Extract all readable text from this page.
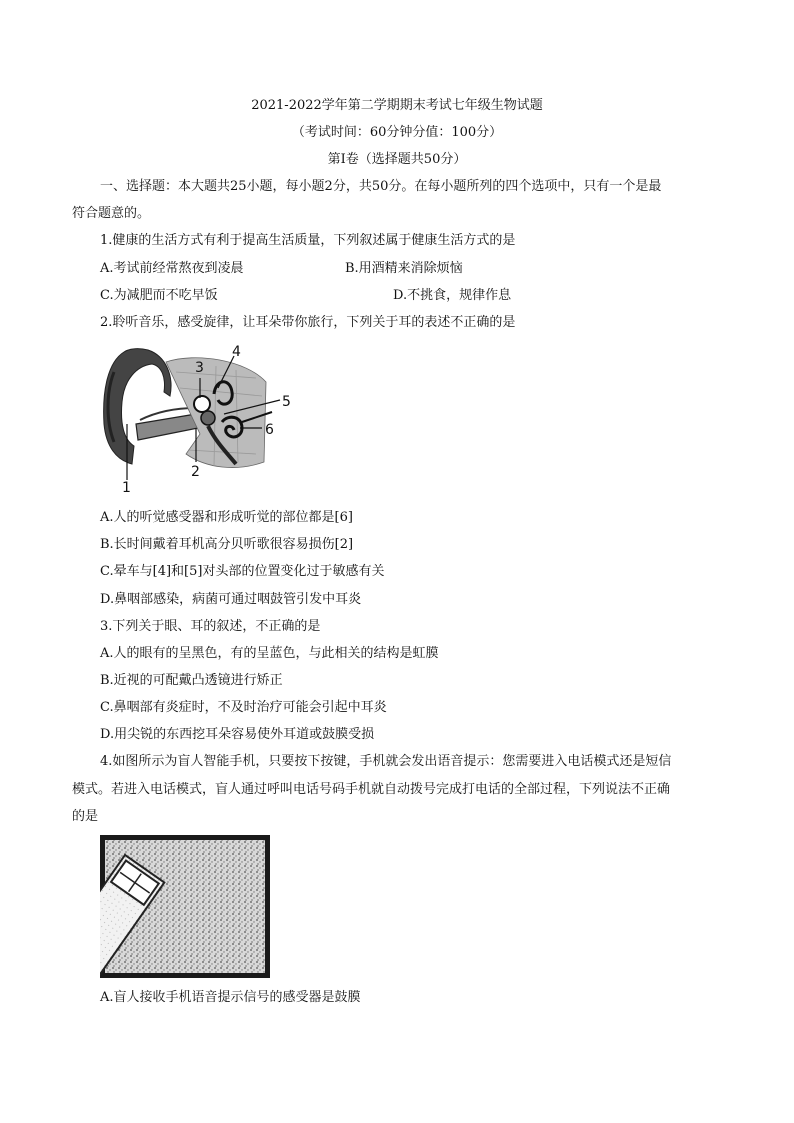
2021-2022学年第二学期期末考试七年级生物试题
（考试时间：60分钟分值：100分）
第Ⅰ卷（选择题共50分）
一、选择题：本大题共25小题，每小题2分，共50分。在每小题所列的四个选项中，只有一个是最
符合题意的。
1.健康的生活方式有利于提高生活质量，下列叙述属于健康生活方式的是
A.考试前经常熬夜到凌晨	B.用酒精来消除烦恼
C.为减肥而不吃早饭	D.不挑食，规律作息
2.聆听音乐，感受旋律，让耳朵带你旅行，下列关于耳的表述不正确的是
1
2
3
4
5
6
A.人的听觉感受器和形成听觉的部位都是[6]
B.长时间戴着耳机高分贝听歌很容易损伤[2]
C.晕车与[4]和[5]对头部的位置变化过于敏感有关
D.鼻咽部感染，病菌可通过咽鼓管引发中耳炎
3.下列关于眼、耳的叙述，不正确的是
A.人的眼有的呈黑色，有的呈蓝色，与此相关的结构是虹膜
B.近视的可配戴凸透镜进行矫正
C.鼻咽部有炎症时，不及时治疗可能会引起中耳炎
D.用尖锐的东西挖耳朵容易使外耳道或鼓膜受损
4.如图所示为盲人智能手机，只要按下按键，手机就会发出语音提示：您需要进入电话模式还是短信
模式。若进入电话模式，盲人通过呼叫电话号码手机就自动拨号完成打电话的全部过程，下列说法不正确
的是
A.盲人接收手机语音提示信号的感受器是鼓膜
